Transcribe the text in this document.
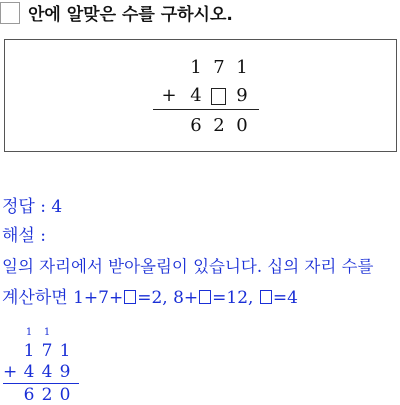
안에 알맞은 수를 구하시오.
1 7 1
+ 4 9
6 2 0
정답 : 4
해설 :
일의 자리에서 받아올림이 있습니다. 십의 자리 수를
계산하면 1+7+ =2, 8+ =12, =4
1 1
1 7 1
+ 4 4 9
6 2 0
